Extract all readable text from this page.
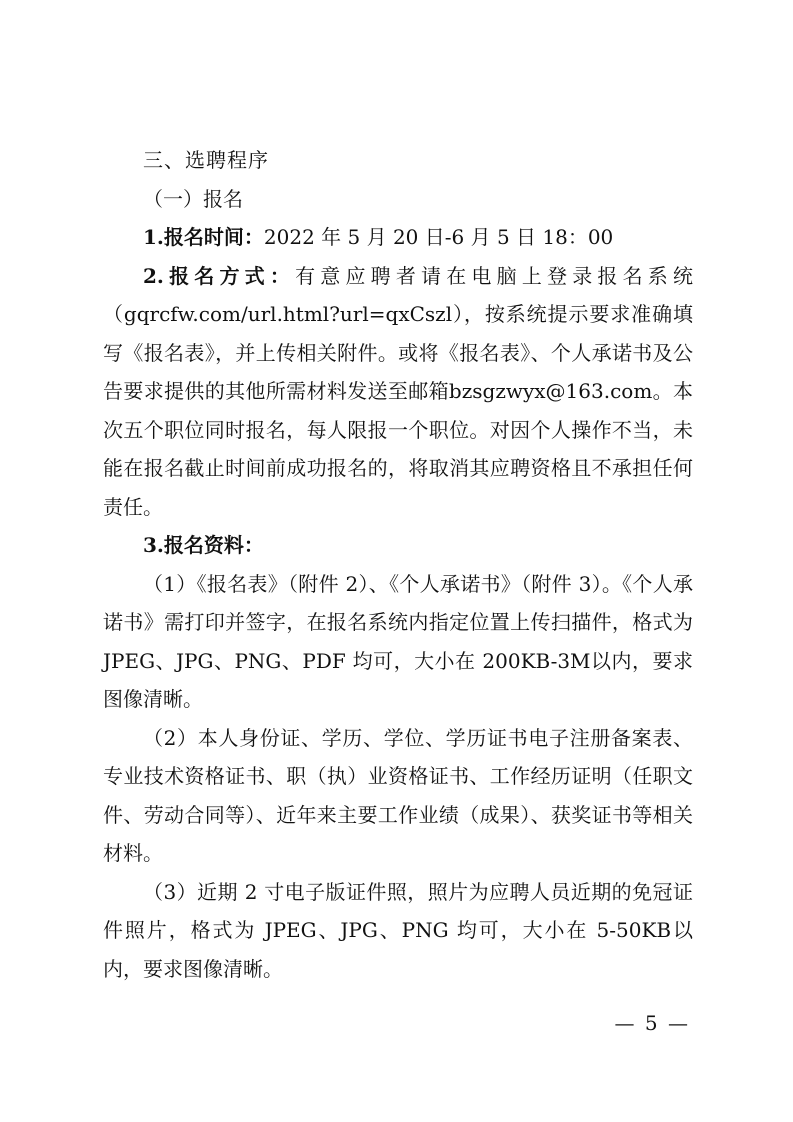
三、选聘程序

（一）报名

1.报名时间：2022 年 5 月 20 日-6 月 5 日 18：00

2.报名方式：有意应聘者请在电脑上登录报名系统（gqrcfw.com/url.html?url=qxCszl），按系统提示要求准确填写《报名表》，并上传相关附件。或将《报名表》、个人承诺书及公告要求提供的其他所需材料发送至邮箱bzsgzwyx@163.com。本次五个职位同时报名，每人限报一个职位。对因个人操作不当，未能在报名截止时间前成功报名的，将取消其应聘资格且不承担任何责任。

3.报名资料：

（1）《报名表》（附件 2）、《个人承诺书》（附件 3）。《个人承诺书》需打印并签字，在报名系统内指定位置上传扫描件，格式为 JPEG、JPG、PNG、PDF 均可，大小在 200KB-3M以内，要求图像清晰。

（2）本人身份证、学历、学位、学历证书电子注册备案表、专业技术资格证书、职（执）业资格证书、工作经历证明（任职文件、劳动合同等）、近年来主要工作业绩（成果）、获奖证书等相关材料。

（3）近期 2 寸电子版证件照，照片为应聘人员近期的免冠证件照片，格式为 JPEG、JPG、PNG 均可，大小在 5-50KB以内，要求图像清晰。

— 5 —
